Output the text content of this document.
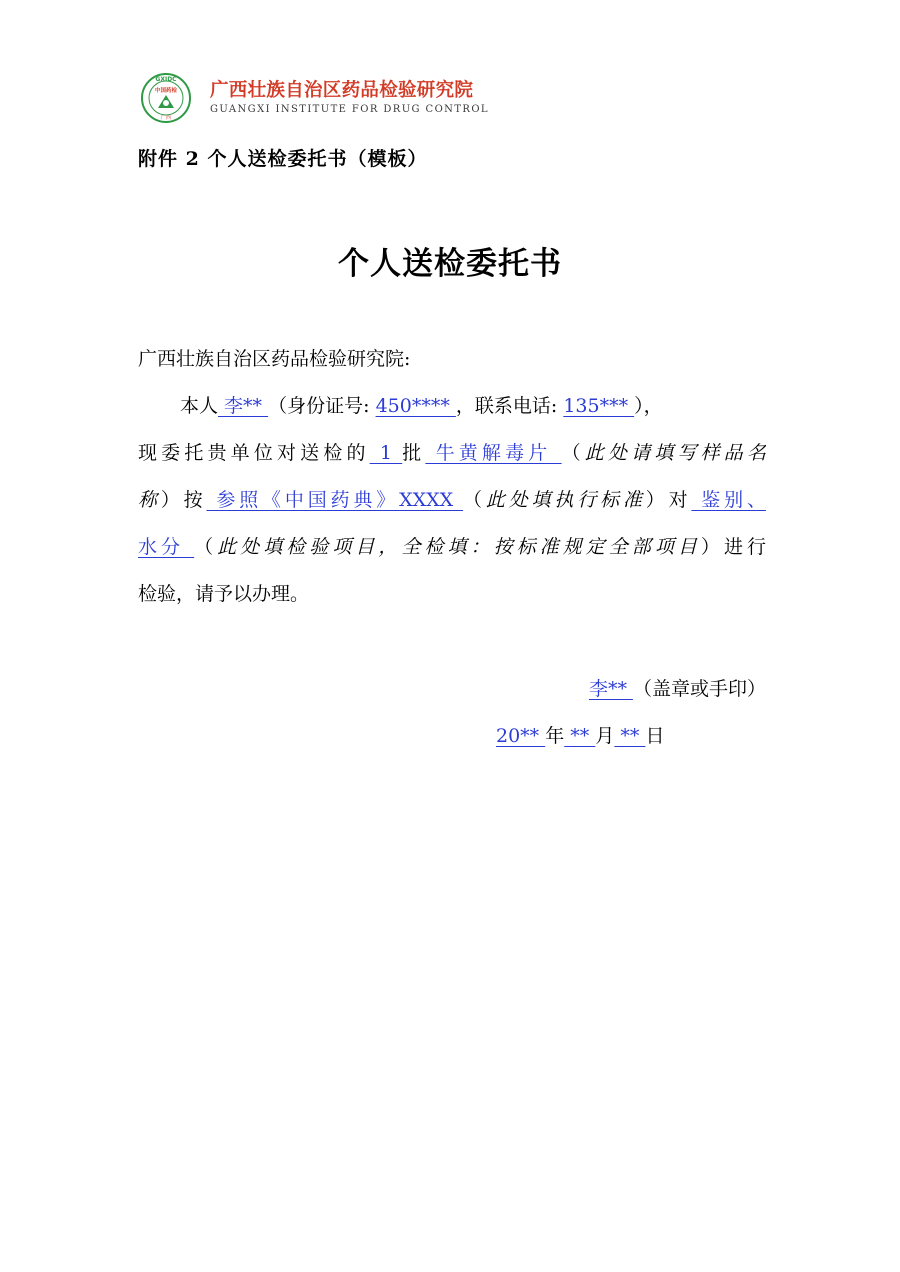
GXIDC
中国药检
广西
广西壮族自治区药品检验研究院
GUANGXI INSTITUTE FOR DRUG CONTROL
附件 2 个人送检委托书（模板）
个人送检委托书
广西壮族自治区药品检验研究院:
本人 李** （身份证号: 450**** ，联系电话: 135*** ），
现委托贵单位对送检的 1 批 牛黄解毒片 （此处请填写样品名
称）按 参照《中国药典》XXXX （此处填执行标准）对 鉴别、
水分 （此处填检验项目，全检填：按标准规定全部项目）进行
检验，请予以办理。
李** （盖章或手印）
20** 年 ** 月 ** 日
